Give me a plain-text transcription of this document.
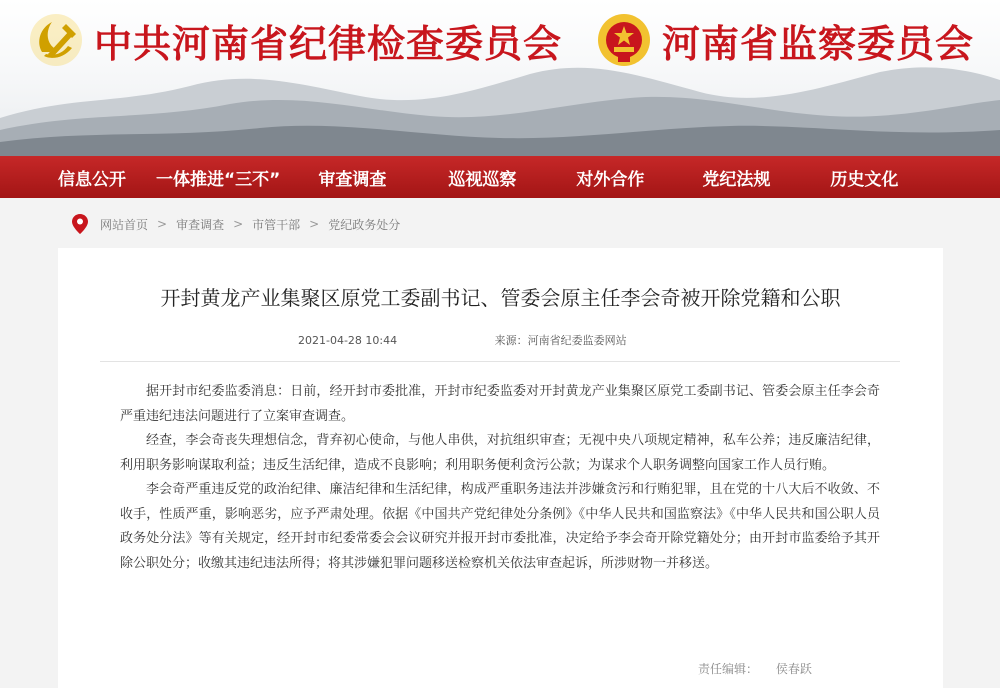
中共河南省纪律检查委员会	河南省监察委员会
信息公开 一体推进“三不” 审查调查	巡视巡察	对外合作	党纪法规	历史文化
网站首页 > 审查调查 > 市管干部 > 党纪政务处分
开封黄龙产业集聚区原党工委副书记、管委会原主任李会奇被开除党籍和公职
2021-04-28 10:44	来源：河南省纪委监委网站

据开封市纪委监委消息：日前，经开封市委批准，开封市纪委监委对开封黄龙产业集聚区原党工委副书记、管委会原主任李会奇严重违纪违法问题进行了立案审查调查。

经查，李会奇丧失理想信念，背弃初心使命，与他人串供，对抗组织审查；无视中央八项规定精神，私车公养；违反廉洁纪律，利用职务影响谋取利益；违反生活纪律，造成不良影响；利用职务便利贪污公款；为谋求个人职务调整向国家工作人员行贿。

李会奇严重违反党的政治纪律、廉洁纪律和生活纪律，构成严重职务违法并涉嫌贪污和行贿犯罪，且在党的十八大后不收敛、不收手，性质严重，影响恶劣，应予严肃处理。依据《中国共产党纪律处分条例》《中华人民共和国监察法》《中华人民共和国公职人员政务处分法》等有关规定，经开封市纪委常委会会议研究并报开封市委批准，决定给予李会奇开除党籍处分；由开封市监委给予其开除公职处分；收缴其违纪违法所得；将其涉嫌犯罪问题移送检察机关依法审查起诉，所涉财物一并移送。

责任编辑： 侯春跃
